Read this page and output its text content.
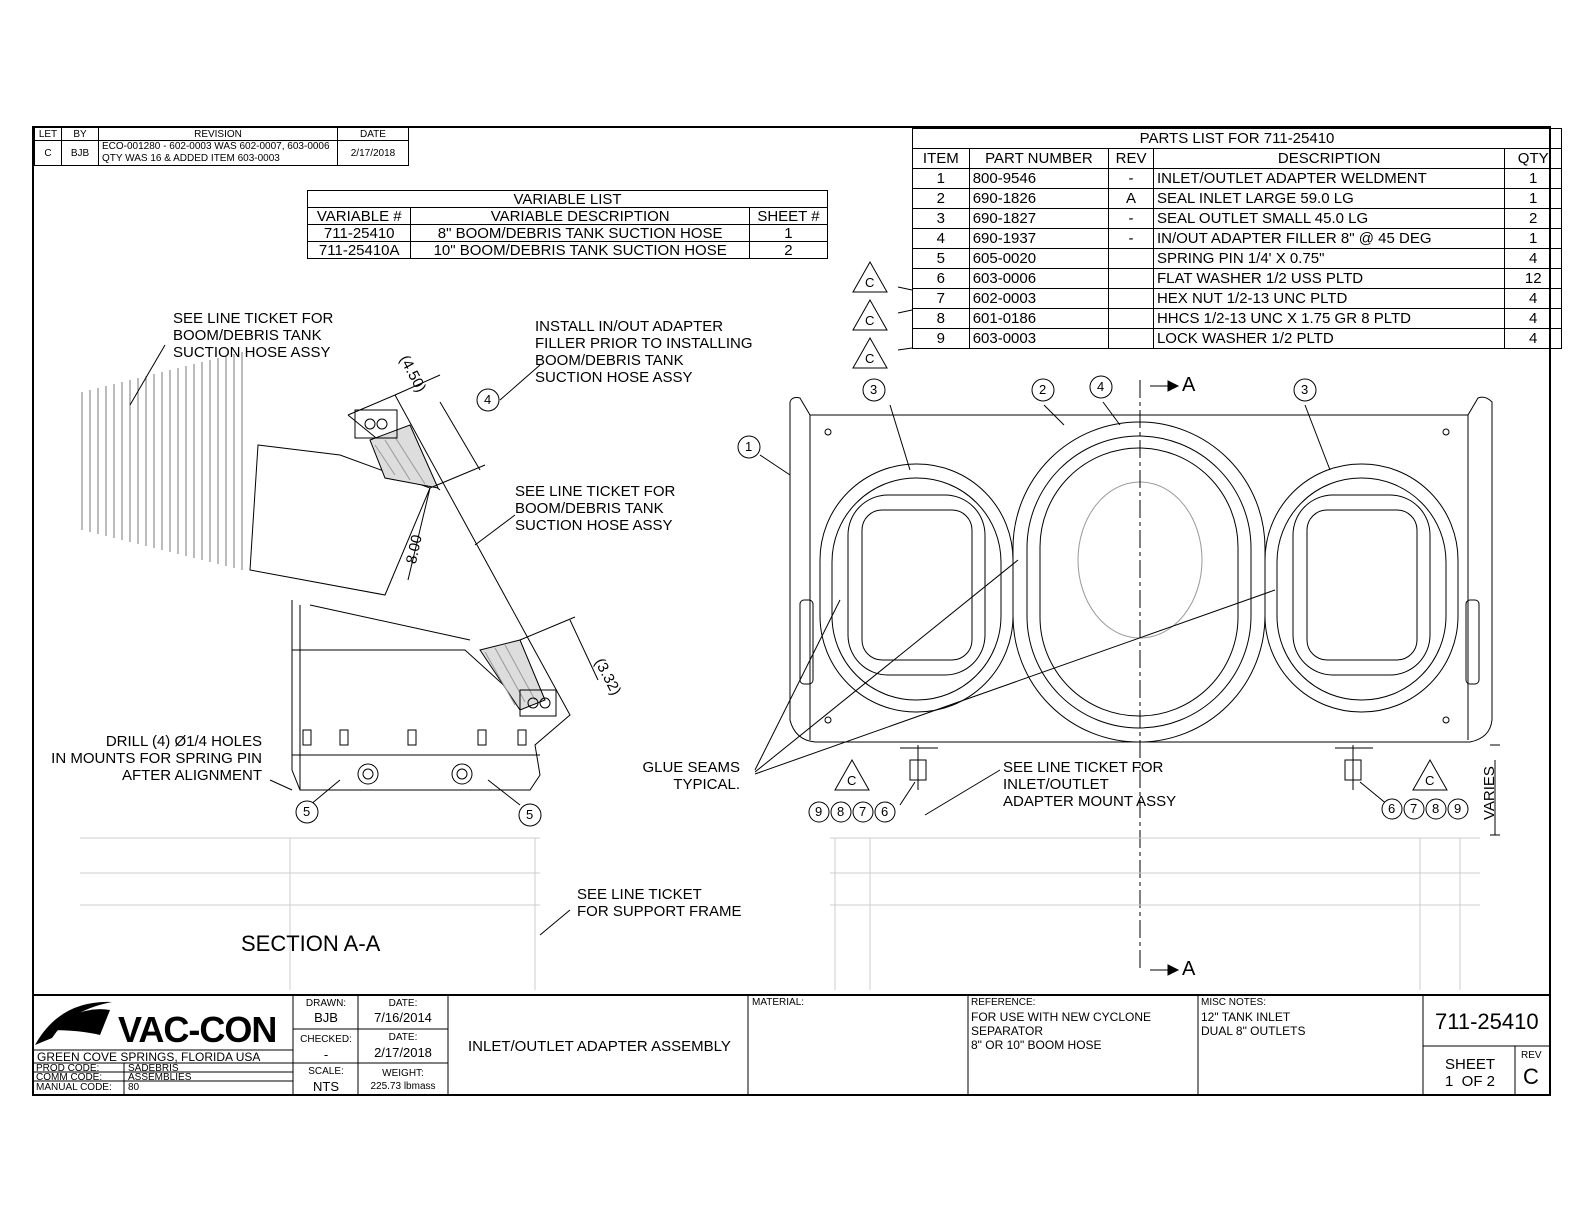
LET	BY	REVISION	DATE
C	BJB	ECO-001280 - 602-0003 WAS 602-0007, 603-0006 QTY WAS 16 & ADDED ITEM 603-0003	2/17/2018
VARIABLE LIST		
VARIABLE #	VARIABLE DESCRIPTION	SHEET #
711-25410	8" BOOM/DEBRIS TANK SUCTION HOSE	1
711-25410A	10" BOOM/DEBRIS TANK SUCTION HOSE	2
PARTS LIST FOR 711-25410				
ITEM	PART NUMBER	REV	DESCRIPTION	QTY
1	800-9546	-	INLET/OUTLET ADAPTER WELDMENT	1
2	690-1826	A	SEAL INLET LARGE 59.0 LG	1
3	690-1827	-	SEAL OUTLET SMALL 45.0 LG	2
4	690-1937	-	IN/OUT ADAPTER FILLER 8" @ 45 DEG	1
5	605-0020		SPRING PIN 1/4' X 0.75"	4
6	603-0006		FLAT WASHER 1/2 USS PLTD	12
7	602-0003		HEX NUT 1/2-13 UNC PLTD	4
8	601-0186		HHCS 1/2-13 UNC X 1.75 GR 8 PLTD	4
9	603-0003		LOCK WASHER 1/2 PLTD	4
SEE LINE TICKET FOR
BOOM/DEBRIS TANK
SUCTION HOSE ASSY
INSTALL IN/OUT ADAPTER
FILLER PRIOR TO INSTALLING
BOOM/DEBRIS TANK
SUCTION HOSE ASSY
SEE LINE TICKET FOR
BOOM/DEBRIS TANK
SUCTION HOSE ASSY
DRILL (4) Ø1/4 HOLES
IN MOUNTS FOR SPRING PIN
AFTER ALIGNMENT	GLUE SEAMS
TYPICAL.
SEE LINE TICKET FOR
INLET/OUTLET
ADAPTER MOUNT ASSY
SEE LINE TICKET
FOR SUPPORT FRAME
SECTION A-A
VARIES
(4.50)
8.00
(3.32)
A
A
C
C
C
C	C
4
1
3	2	4	3
5	5	9 8 7 6	6 7 8 9
VAC-CON
GREEN COVE SPRINGS, FLORIDA USA
PROD CODE:	SADEBRIS
COMM CODE:	ASSEMBLIES
MANUAL CODE: 80
DRAWN:
BJB
CHECKED:
-
SCALE:
NTS
DATE:
7/16/2014
DATE:
2/17/2018
WEIGHT:
225.73 lbmass
INLET/OUTLET ADAPTER ASSEMBLY
MATERIAL:	REFERENCE:
FOR USE WITH NEW CYCLONE
SEPARATOR
8" OR 10" BOOM HOSE
MISC NOTES:
12" TANK INLET
DUAL 8" OUTLETS	711-25410
SHEET
1  OF 2
REV
C
